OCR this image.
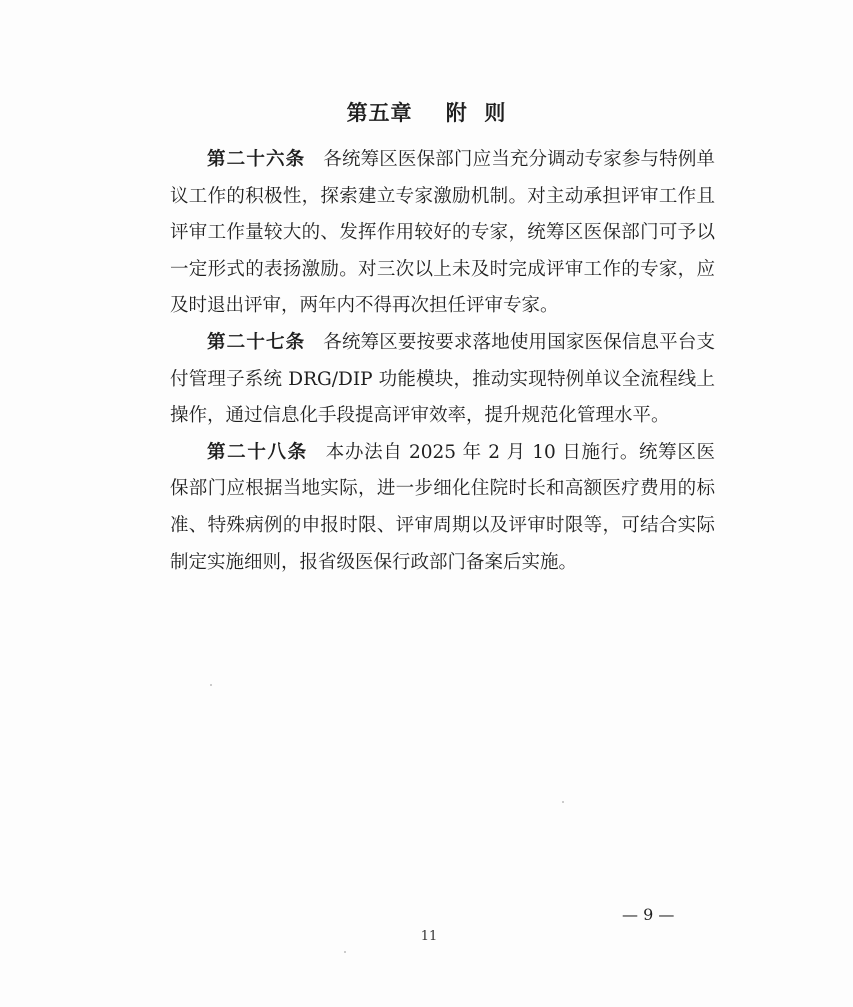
第五章    附  则

第二十六条 各统筹区医保部门应当充分调动专家参与特例单议工作的积极性，探索建立专家激励机制。对主动承担评审工作且评审工作量较大的、发挥作用较好的专家，统筹区医保部门可予以一定形式的表扬激励。对三次以上未及时完成评审工作的专家，应及时退出评审，两年内不得再次担任评审专家。

第二十七条 各统筹区要按要求落地使用国家医保信息平台支付管理子系统 DRG/DIP 功能模块，推动实现特例单议全流程线上操作，通过信息化手段提高评审效率，提升规范化管理水平。

第二十八条 本办法自 2025 年 2 月 10 日施行。统筹区医保部门应根据当地实际，进一步细化住院时长和高额医疗费用的标准、特殊病例的申报时限、评审周期以及评审时限等，可结合实际制定实施细则，报省级医保行政部门备案后实施。

— 9 —
11
